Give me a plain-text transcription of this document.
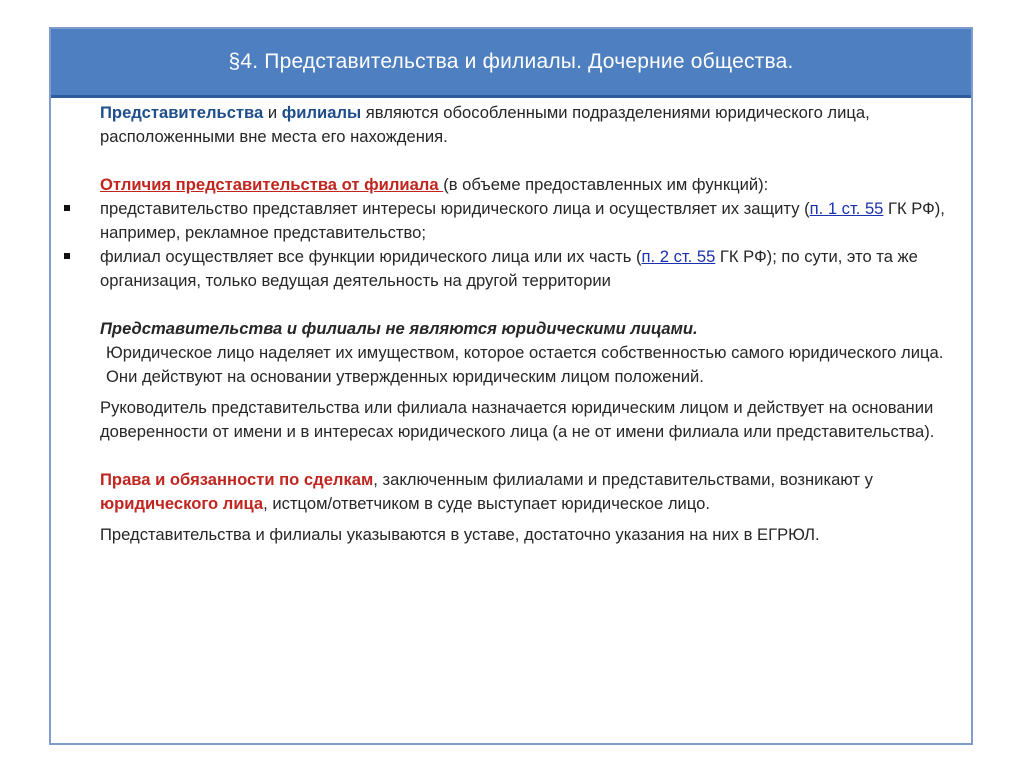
§4. Представительства и филиалы. Дочерние общества.

Представительства и филиалы являются обособленными подразделениями юридического лица, расположенными вне места его нахождения.

Отличия представительства от филиала (в объеме предоставленных им функций):

представительство представляет интересы юридического лица и осуществляет их защиту (п. 1 ст. 55 ГК РФ), например, рекламное представительство;

филиал осуществляет все функции юридического лица или их часть (п. 2 ст. 55 ГК РФ); по сути, это та же организация, только ведущая деятельность на другой территории

Представительства и филиалы не являются юридическими лицами.

Юридическое лицо наделяет их имуществом, которое остается собственностью самого юридического лица. Они действуют на основании утвержденных юридическим лицом положений.

Руководитель представительства или филиала назначается юридическим лицом и действует на основании доверенности от имени и в интересах юридического лица (а не от имени филиала или представительства).

Права и обязанности по сделкам, заключенным филиалами и представительствами, возникают у юридического лица, истцом/ответчиком в суде выступает юридическое лицо.

Представительства и филиалы указываются в уставе, достаточно указания на них в ЕГРЮЛ.
